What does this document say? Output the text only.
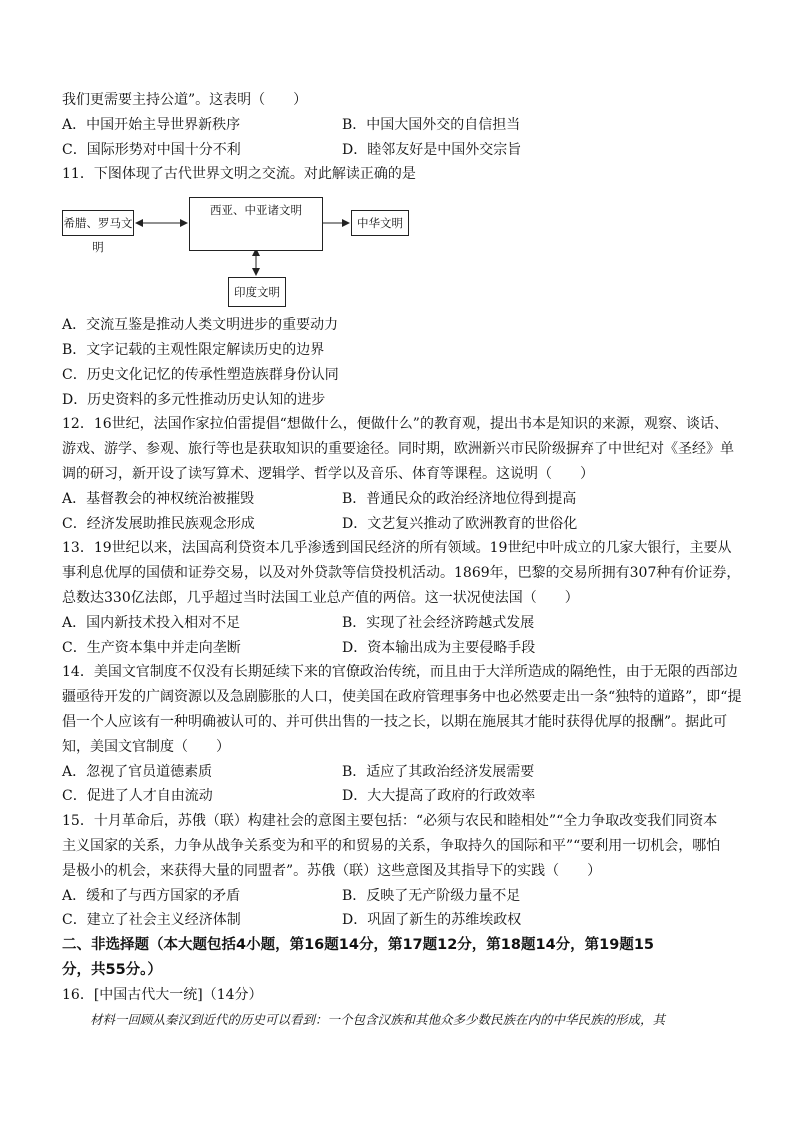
我们更需要主持公道”。这表明（　　）
A．中国开始主导世界新秩序	B．中国大国外交的自信担当
C．国际形势对中国十分不利	D．睦邻友好是中国外交宗旨
11．下图体现了古代世界文明之交流。对此解读正确的是
希腊、罗马文明
西亚、中亚诸文明
中华文明
印度文明
A．交流互鉴是推动人类文明进步的重要动力
B．文字记载的主观性限定解读历史的边界
C．历史文化记忆的传承性塑造族群身份认同
D．历史资料的多元性推动历史认知的进步
12．16世纪，法国作家拉伯雷提倡“想做什么，便做什么”的教育观，提出书本是知识的来源，观察、谈话、
游戏、游学、参观、旅行等也是获取知识的重要途径。同时期，欧洲新兴市民阶级摒弃了中世纪对《圣经》单
调的研习，新开设了读写算术、逻辑学、哲学以及音乐、体育等课程。这说明（　　）
A．基督教会的神权统治被摧毁	B．普通民众的政治经济地位得到提高
C．经济发展助推民族观念形成	D．文艺复兴推动了欧洲教育的世俗化
13．19世纪以来，法国高利贷资本几乎渗透到国民经济的所有领域。19世纪中叶成立的几家大银行，主要从
事利息优厚的国债和证券交易，以及对外贷款等信贷投机活动。1869年，巴黎的交易所拥有307种有价证券，
总数达330亿法郎，几乎超过当时法国工业总产值的两倍。这一状况使法国（　　）
A．国内新技术投入相对不足	B．实现了社会经济跨越式发展
C．生产资本集中并走向垄断	D．资本输出成为主要侵略手段
14．美国文官制度不仅没有长期延续下来的官僚政治传统，而且由于大洋所造成的隔绝性，由于无限的西部边
疆亟待开发的广阔资源以及急剧膨胀的人口，使美国在政府管理事务中也必然要走出一条“独特的道路”，即“提
倡一个人应该有一种明确被认可的、并可供出售的一技之长，以期在施展其才能时获得优厚的报酬”。据此可
知，美国文官制度（　　）
A．忽视了官员道德素质	B．适应了其政治经济发展需要
C．促进了人才自由流动	D．大大提高了政府的行政效率
15．十月革命后，苏俄（联）构建社会的意图主要包括：“必须与农民和睦相处”“全力争取改变我们同资本
主义国家的关系，力争从战争关系变为和平的和贸易的关系，争取持久的国际和平”“要利用一切机会，哪怕
是极小的机会，来获得大量的同盟者”。苏俄（联）这些意图及其指导下的实践（　　）
A．缓和了与西方国家的矛盾	B．反映了无产阶级力量不足
C．建立了社会主义经济体制	D．巩固了新生的苏维埃政权
二、非选择题（本大题包括4小题，第16题14分，第17题12分，第18题14分，第19题15
分，共55分。）
16．[中国古代大一统]（14分）
材料一回顾从秦汉到近代的历史可以看到：一个包含汉族和其他众多少数民族在内的中华民族的形成，其
